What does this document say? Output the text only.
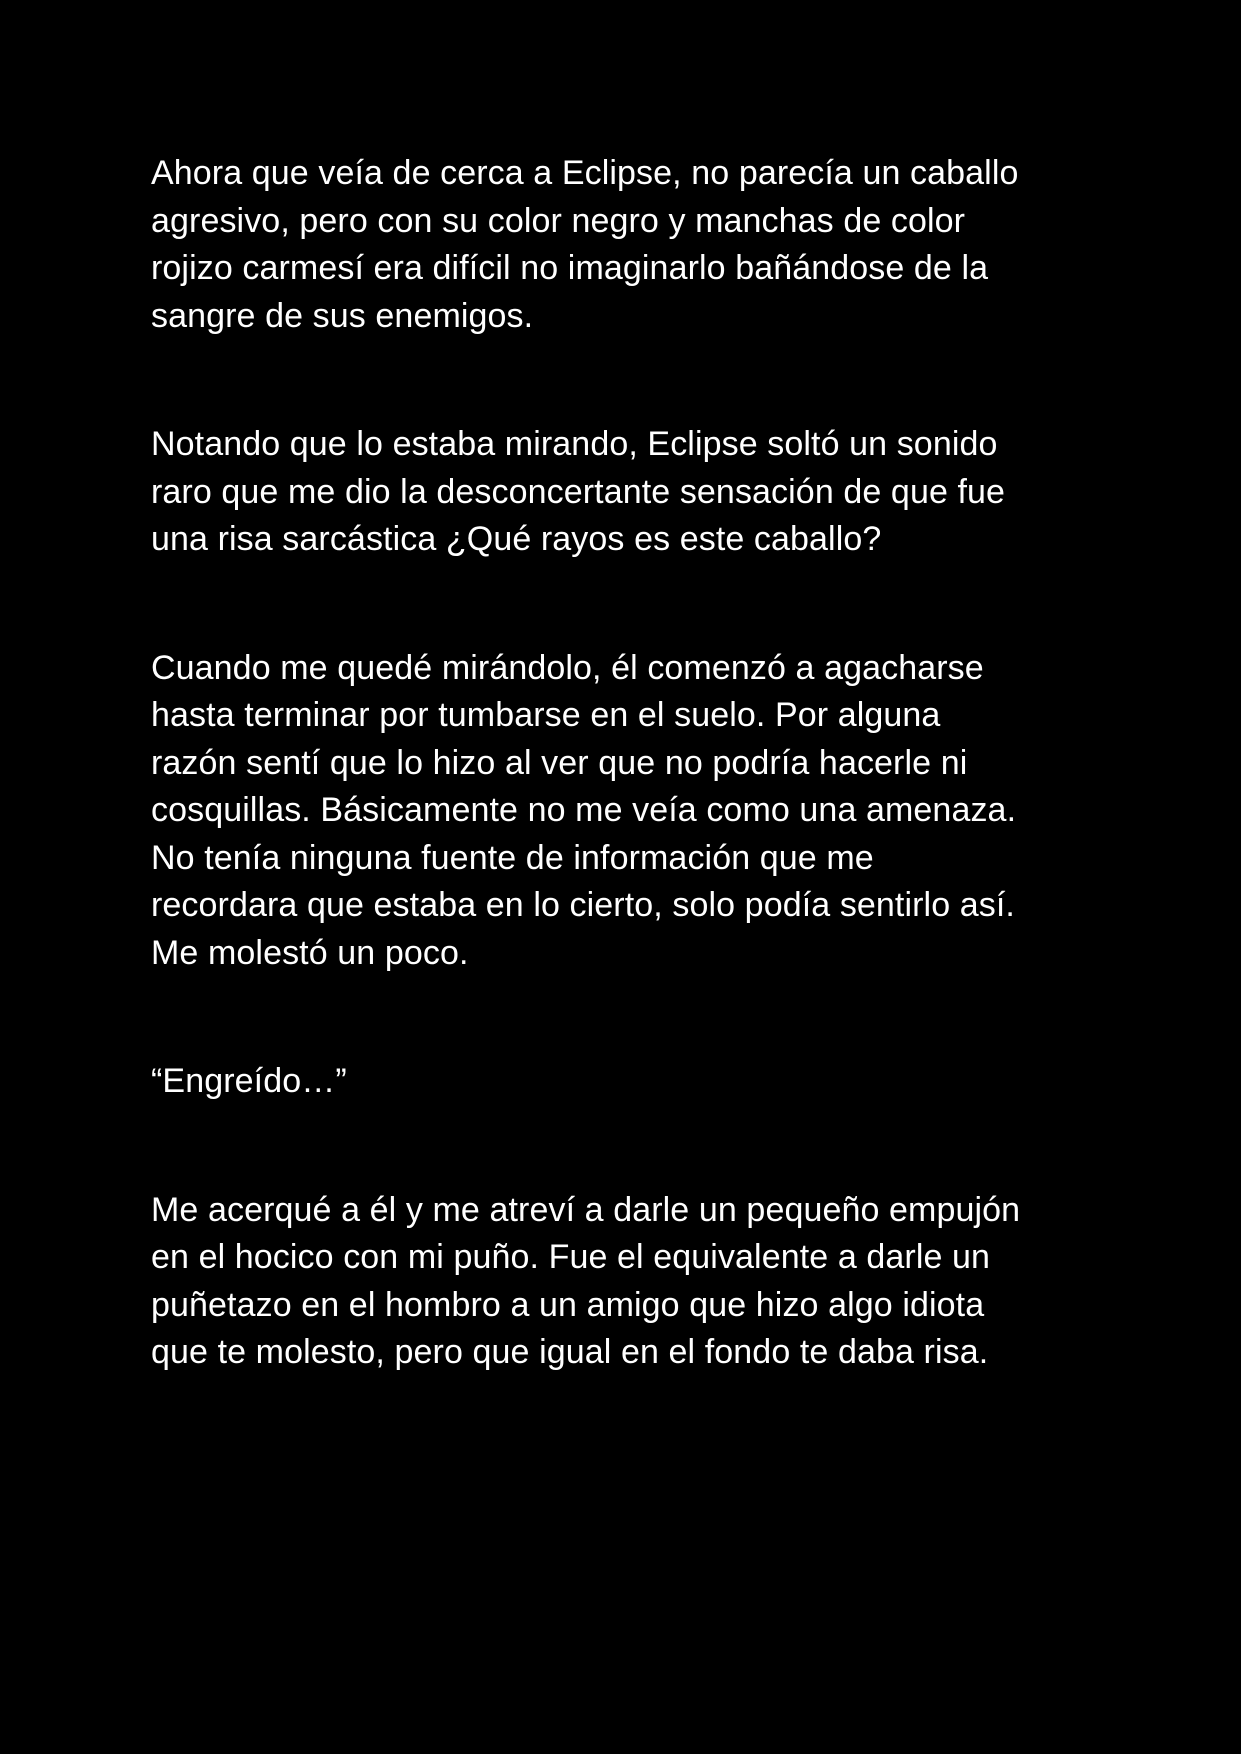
Ahora que veía de cerca a Eclipse, no parecía un caballo
agresivo, pero con su color negro y manchas de color
rojizo carmesí era difícil no imaginarlo bañándose de la
sangre de sus enemigos.
Notando que lo estaba mirando, Eclipse soltó un sonido
raro que me dio la desconcertante sensación de que fue
una risa sarcástica ¿Qué rayos es este caballo?
Cuando me quedé mirándolo, él comenzó a agacharse
hasta terminar por tumbarse en el suelo. Por alguna
razón sentí que lo hizo al ver que no podría hacerle ni
cosquillas. Básicamente no me veía como una amenaza.
No tenía ninguna fuente de información que me
recordara que estaba en lo cierto, solo podía sentirlo así.
Me molestó un poco.
“Engreído…”
Me acerqué a él y me atreví a darle un pequeño empujón
en el hocico con mi puño. Fue el equivalente a darle un
puñetazo en el hombro a un amigo que hizo algo idiota
que te molesto, pero que igual en el fondo te daba risa.
